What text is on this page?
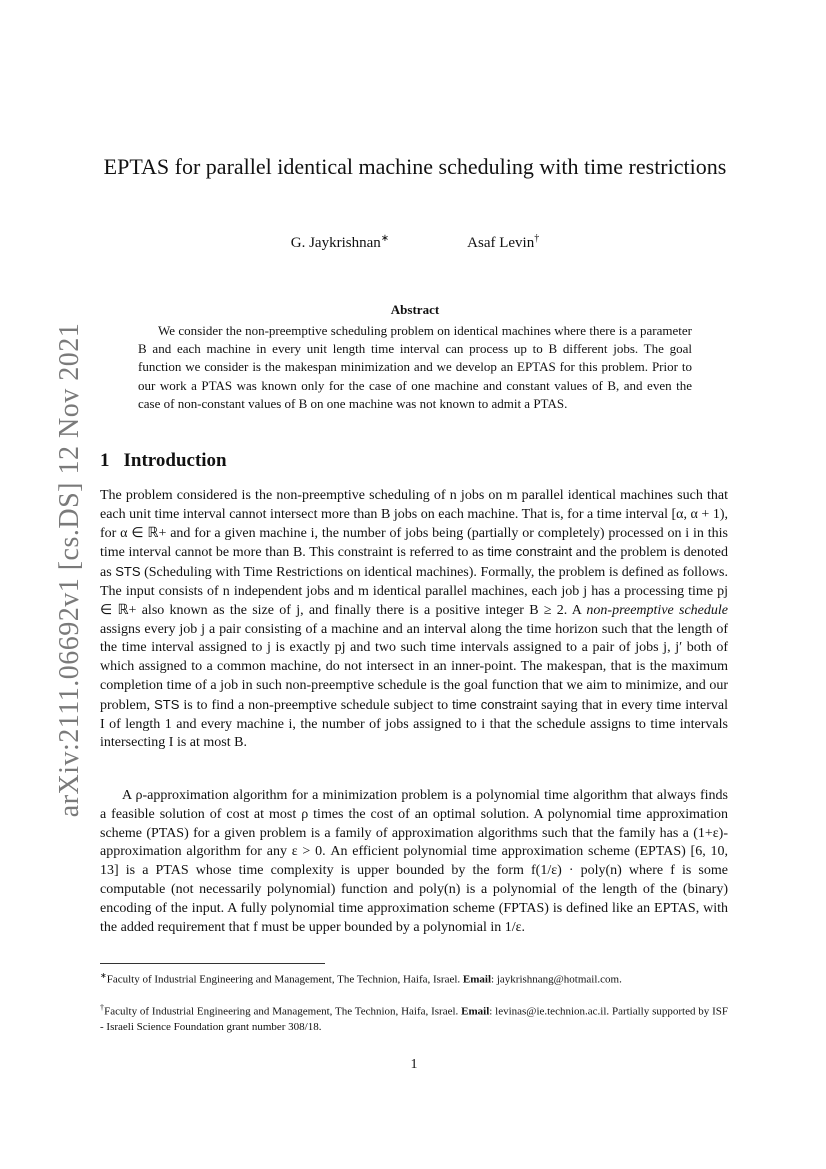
arXiv:2111.06692v1 [cs.DS] 12 Nov 2021
EPTAS for parallel identical machine scheduling with time restrictions
G. Jaykrishnan∗	Asaf Levin†
Abstract

We consider the non-preemptive scheduling problem on identical machines where there is a parameter B and each machine in every unit length time interval can process up to B different jobs. The goal function we consider is the makespan minimization and we develop an EPTAS for this problem. Prior to our work a PTAS was known only for the case of one machine and constant values of B, and even the case of non-constant values of B on one machine was not known to admit a PTAS.

1 Introduction

The problem considered is the non-preemptive scheduling of n jobs on m parallel identical machines such that each unit time interval cannot intersect more than B jobs on each machine. That is, for a time interval [α, α + 1), for α ∈ ℝ+ and for a given machine i, the number of jobs being (partially or completely) processed on i in this time interval cannot be more than B. This constraint is referred to as time constraint and the problem is denoted as STS (Scheduling with Time Restrictions on identical machines). Formally, the problem is defined as follows. The input consists of n independent jobs and m identical parallel machines, each job j has a processing time pj ∈ ℝ+ also known as the size of j, and finally there is a positive integer B ≥ 2. A non-preemptive schedule assigns every job j a pair consisting of a machine and an interval along the time horizon such that the length of the time interval assigned to j is exactly pj and two such time intervals assigned to a pair of jobs j, j′ both of which assigned to a common machine, do not intersect in an inner-point. The makespan, that is the maximum completion time of a job in such non-preemptive schedule is the goal function that we aim to minimize, and our problem, STS is to find a non-preemptive schedule subject to time constraint saying that in every time interval I of length 1 and every machine i, the number of jobs assigned to i that the schedule assigns to time intervals intersecting I is at most B.

A ρ-approximation algorithm for a minimization problem is a polynomial time algorithm that always finds a feasible solution of cost at most ρ times the cost of an optimal solution. A polynomial time approximation scheme (PTAS) for a given problem is a family of approximation algorithms such that the family has a (1+ε)-approximation algorithm for any ε > 0. An efficient polynomial time approximation scheme (EPTAS) [6, 10, 13] is a PTAS whose time complexity is upper bounded by the form f(1/ε) · poly(n) where f is some computable (not necessarily polynomial) function and poly(n) is a polynomial of the length of the (binary) encoding of the input. A fully polynomial time approximation scheme (FPTAS) is defined like an EPTAS, with the added requirement that f must be upper bounded by a polynomial in 1/ε.

∗Faculty of Industrial Engineering and Management, The Technion, Haifa, Israel. Email: jaykrishnang@hotmail.com.

†Faculty of Industrial Engineering and Management, The Technion, Haifa, Israel. Email: levinas@ie.technion.ac.il. Partially supported by ISF - Israeli Science Foundation grant number 308/18.

1
